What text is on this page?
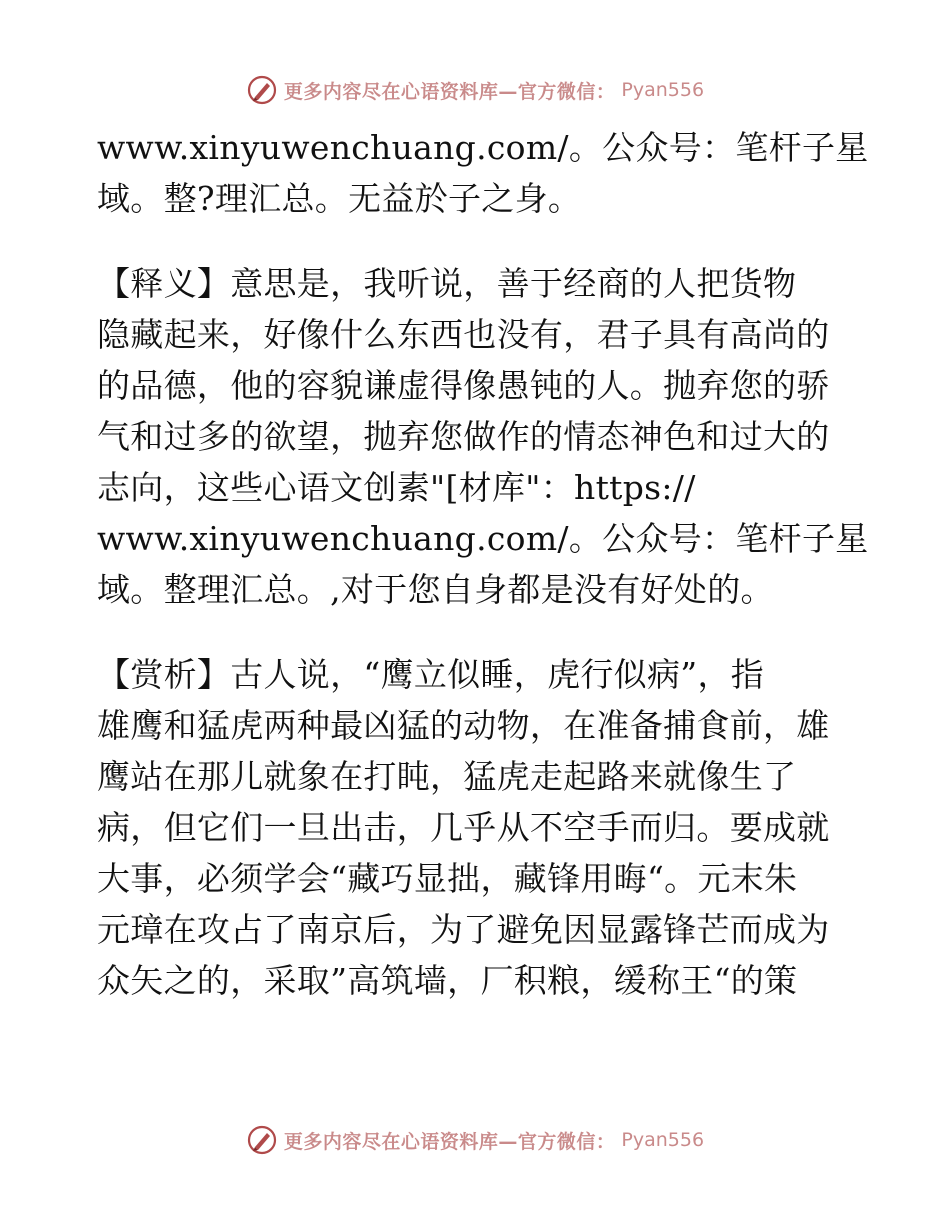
更多内容尽在心语资料库—官方微信： Pyan556
www.xinyuwenchuang.com/。公众号：笔杆子星
域。整?理汇总。无益於子之身。
【释义】意思是，我听说，善于经商的人把货物
隐藏起来，好像什么东西也没有，君子具有高尚的
的品德，他的容貌谦虚得像愚钝的人。抛弃您的骄
气和过多的欲望，抛弃您做作的情态神色和过大的
志向，这些心语文创素"[材库"：https://
www.xinyuwenchuang.com/。公众号：笔杆子星
域。整理汇总。,对于您自身都是没有好处的。
【赏析】古人说，“鹰立似睡，虎行似病”，指
雄鹰和猛虎两种最凶猛的动物，在准备捕食前，雄
鹰站在那儿就象在打盹，猛虎走起路来就像生了
病，但它们一旦出击，几乎从不空手而归。要成就
大事，必须学会“藏巧显拙，藏锋用晦“。元末朱
元璋在攻占了南京后，为了避免因显露锋芒而成为
众矢之的，采取”高筑墙，厂积粮，缓称王“的策
更多内容尽在心语资料库—官方微信： Pyan556
